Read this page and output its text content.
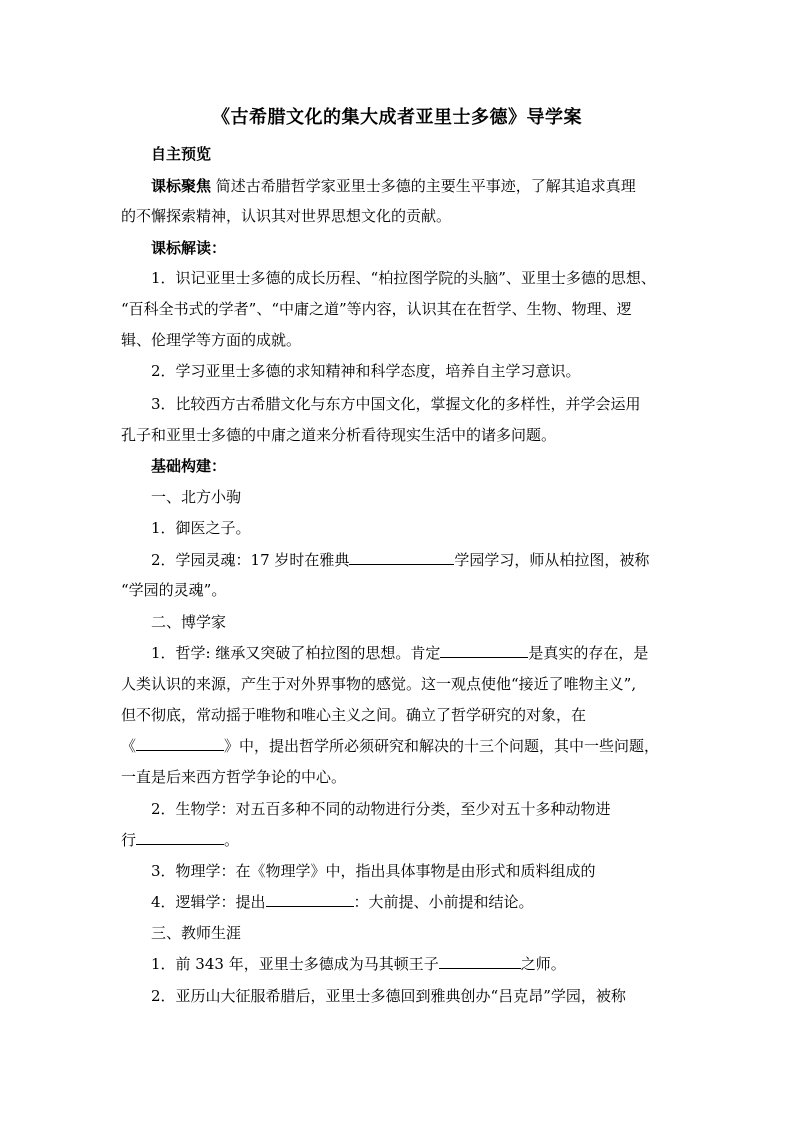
《古希腊文化的集大成者亚里士多德》导学案
自主预览
课标聚焦 简述古希腊哲学家亚里士多德的主要生平事迹，了解其追求真理
的不懈探索精神，认识其对世界思想文化的贡献。
课标解读：
1．识记亚里士多德的成长历程、“柏拉图学院的头脑”、亚里士多德的思想、
“百科全书式的学者”、“中庸之道”等内容，认识其在在哲学、生物、物理、逻
辑、伦理学等方面的成就。
2．学习亚里士多德的求知精神和科学态度，培养自主学习意识。
3．比较西方古希腊文化与东方中国文化，掌握文化的多样性，并学会运用
孔子和亚里士多德的中庸之道来分析看待现实生活中的诸多问题。
基础构建：
一、北方小驹
1．御医之子。
2．学园灵魂：17 岁时在雅典	学园学习，师从柏拉图，被称
“学园的灵魂”。
二、博学家
1．哲学: 继承又突破了柏拉图的思想。肯定	是真实的存在，是
人类认识的来源，产生于对外界事物的感觉。这一观点使他“接近了唯物主义”,
但不彻底，常动摇于唯物和唯心主义之间。确立了哲学研究的对象，在
《	》中，提出哲学所必须研究和解决的十三个问题，其中一些问题，
一直是后来西方哲学争论的中心。
2．生物学：对五百多种不同的动物进行分类，至少对五十多种动物进
行	。
3．物理学：在《物理学》中，指出具体事物是由形式和质料组成的
4．逻辑学：提出	：大前提、小前提和结论。
三、教师生涯
1．前 343 年，亚里士多德成为马其顿王子	之师。
2．亚历山大征服希腊后，亚里士多德回到雅典创办“吕克昂”学园，被称
